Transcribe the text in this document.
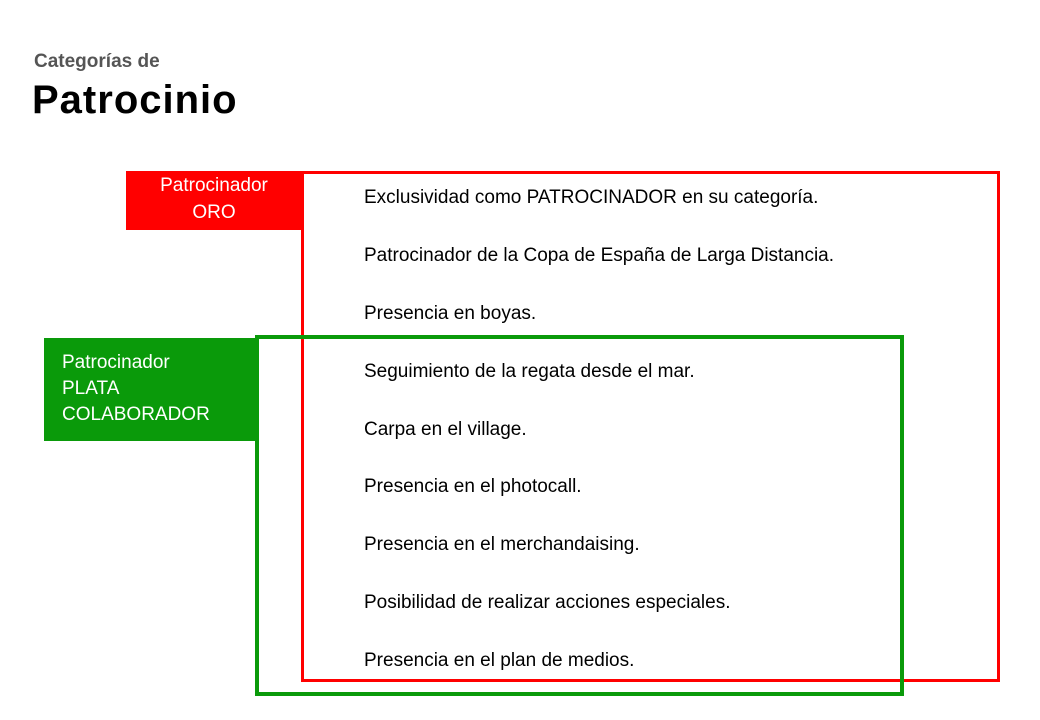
Categorías de
Patrocinio
Patrocinador
ORO
Patrocinador
PLATA
COLABORADOR
Exclusividad como PATROCINADOR en su categoría.
Patrocinador de la Copa de España de Larga Distancia.
Presencia en boyas.
Seguimiento de la regata desde el mar.
Carpa en el village.
Presencia en el photocall.
Presencia en el merchandaising.
Posibilidad de realizar acciones especiales.
Presencia en el plan de medios.
